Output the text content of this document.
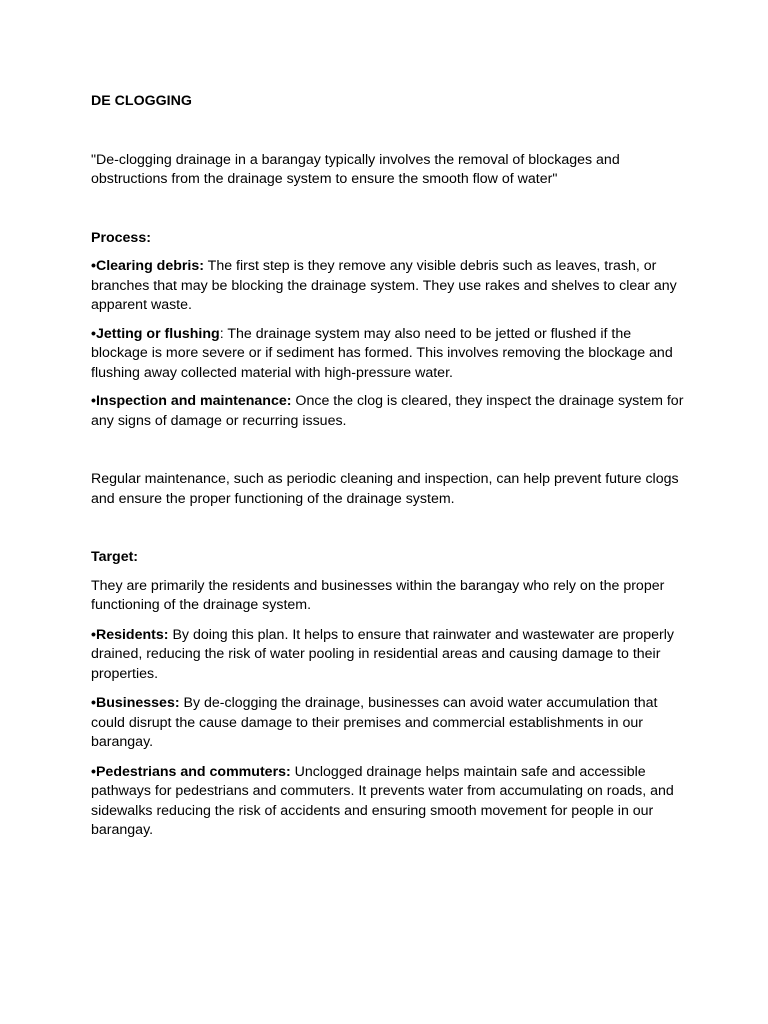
DE CLOGGING

"De-clogging drainage in a barangay typically involves the removal of blockages and obstructions from the drainage system to ensure the smooth flow of water"

Process:

•Clearing debris: The first step is they remove any visible debris such as leaves, trash, or branches that may be blocking the drainage system. They use rakes and shelves to clear any apparent waste.

•Jetting or flushing: The drainage system may also need to be jetted or flushed if the blockage is more severe or if sediment has formed. This involves removing the blockage and flushing away collected material with high-pressure water.

•Inspection and maintenance: Once the clog is cleared, they inspect the drainage system for any signs of damage or recurring issues.

Regular maintenance, such as periodic cleaning and inspection, can help prevent future clogs and ensure the proper functioning of the drainage system.

Target:

They are primarily the residents and businesses within the barangay who rely on the proper functioning of the drainage system.

•Residents: By doing this plan. It helps to ensure that rainwater and wastewater are properly drained, reducing the risk of water pooling in residential areas and causing damage to their properties.

•Businesses: By de-clogging the drainage, businesses can avoid water accumulation that could disrupt the cause damage to their premises and commercial establishments in our barangay.

•Pedestrians and commuters: Unclogged drainage helps maintain safe and accessible pathways for pedestrians and commuters. It prevents water from accumulating on roads, and sidewalks reducing the risk of accidents and ensuring smooth movement for people in our barangay.
